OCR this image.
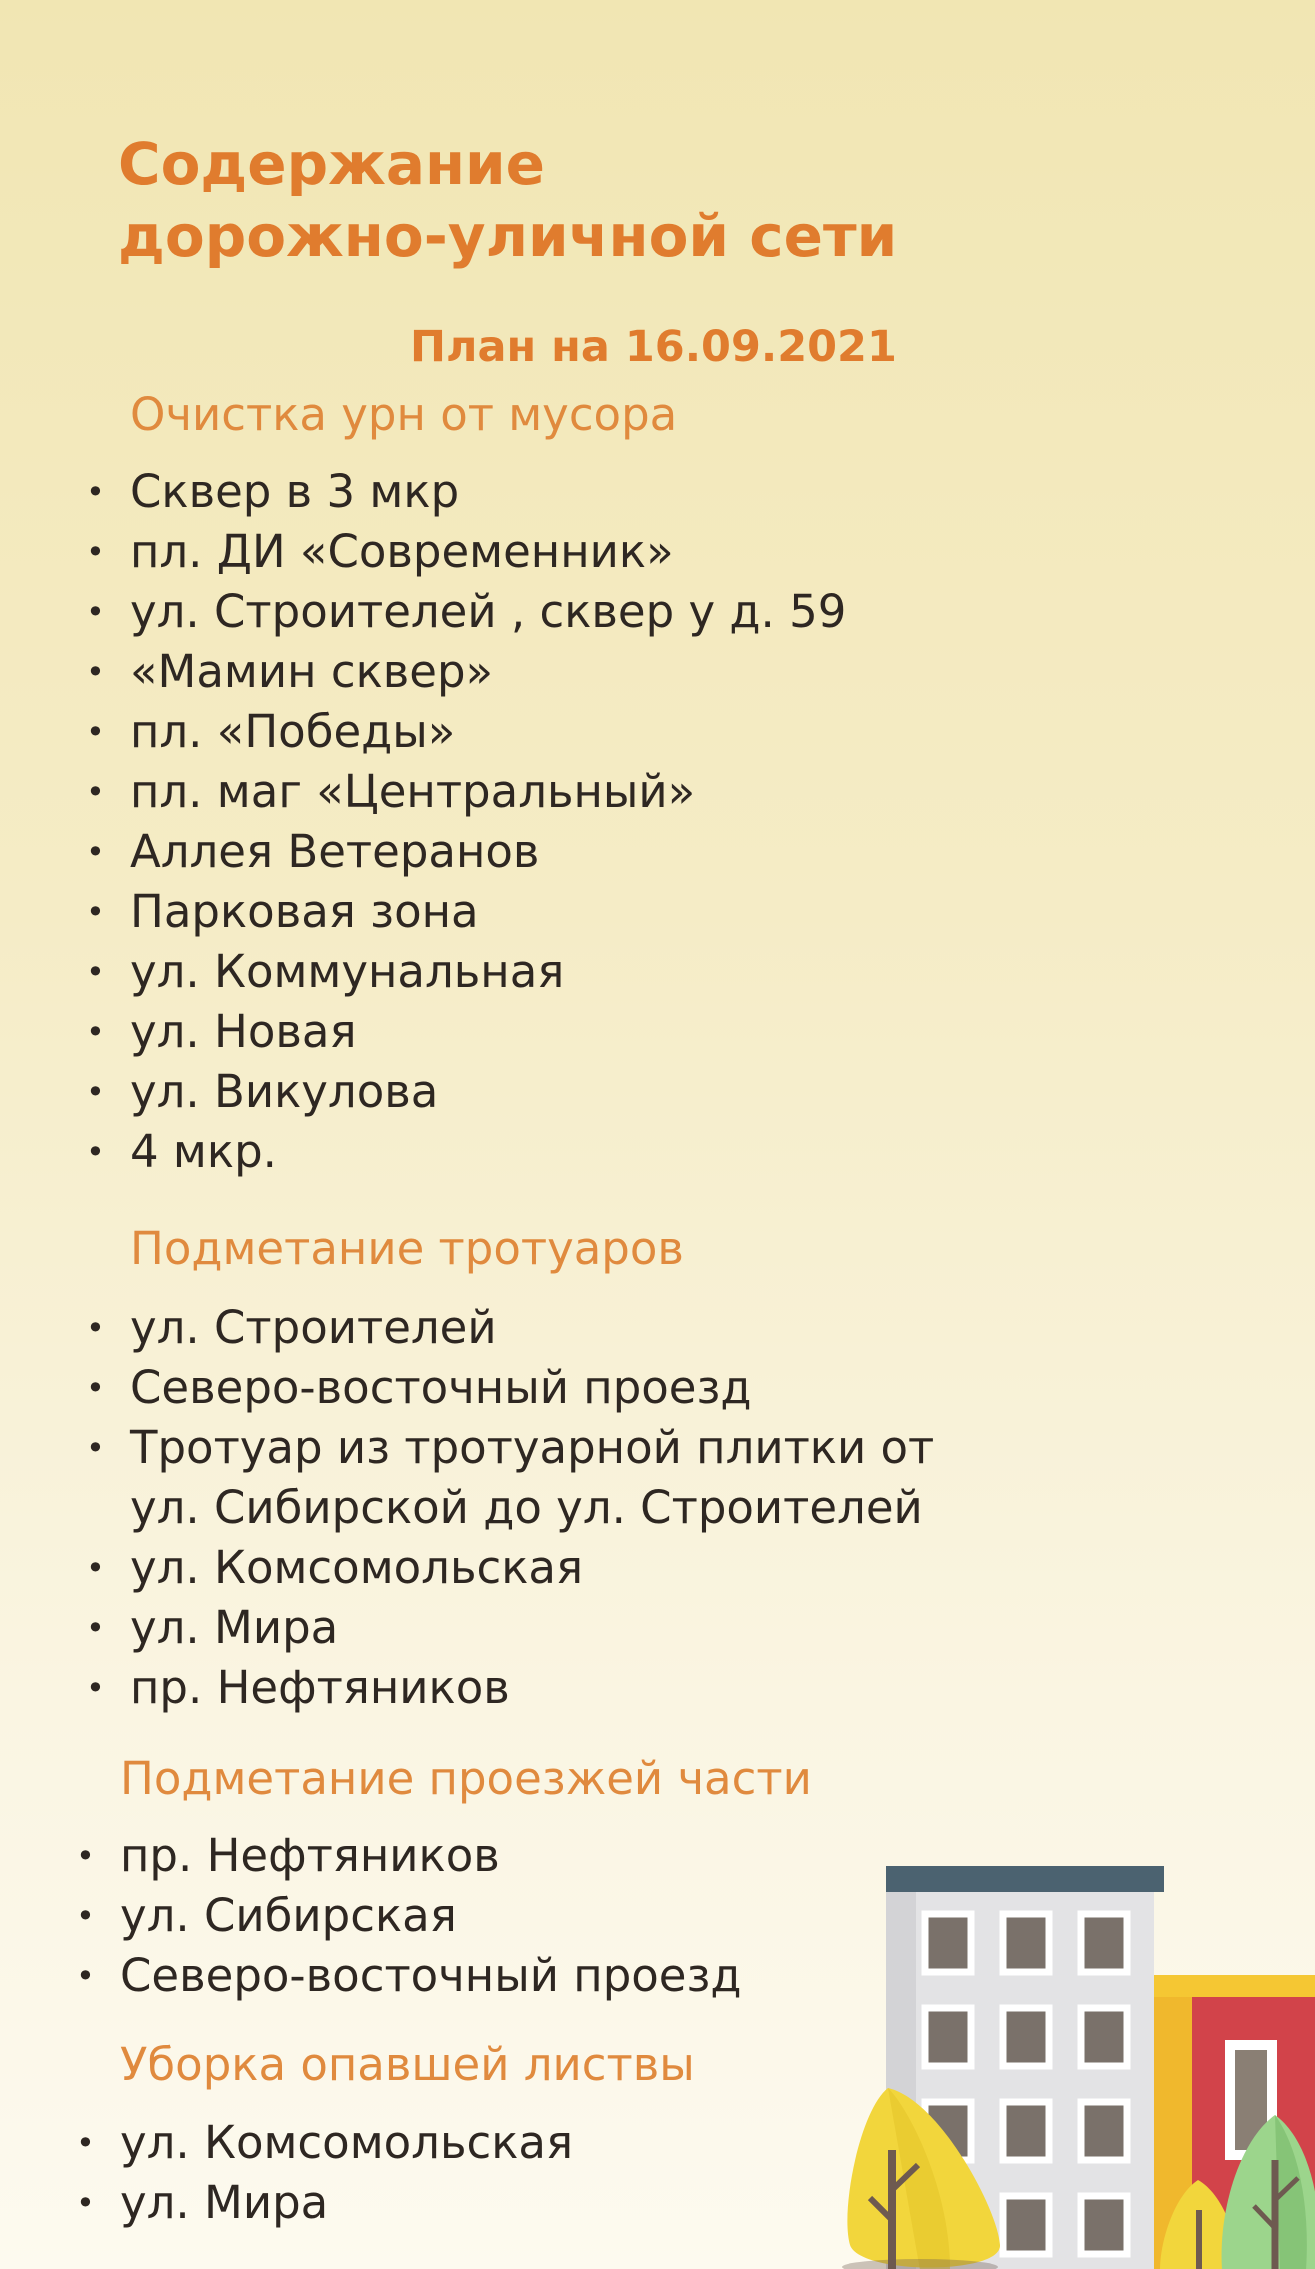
Содержание
дорожно-уличной сети

План на 16.09.2021

Очистка урн от мусора
• Сквер в 3 мкр
• пл. ДИ «Современник»
• ул. Строителей , сквер у д. 59
• «Мамин сквер»
• пл. «Победы»
• пл. маг «Центральный»
• Аллея Ветеранов
• Парковая зона
• ул. Коммунальная
• ул. Новая
• ул. Викулова
• 4 мкр.
Подметание тротуаров
• ул. Строителей
• Северо-восточный проезд
• Тротуар из тротуарной плитки от
ул. Сибирской до ул. Строителей
• ул. Комсомольская
• ул. Мира
• пр. Нефтяников
Подметание проезжей части
• пр. Нефтяников
• ул. Сибирская
• Северо-восточный проезд
Уборка опавшей листвы
• ул. Комсомольская
• ул. Мира
